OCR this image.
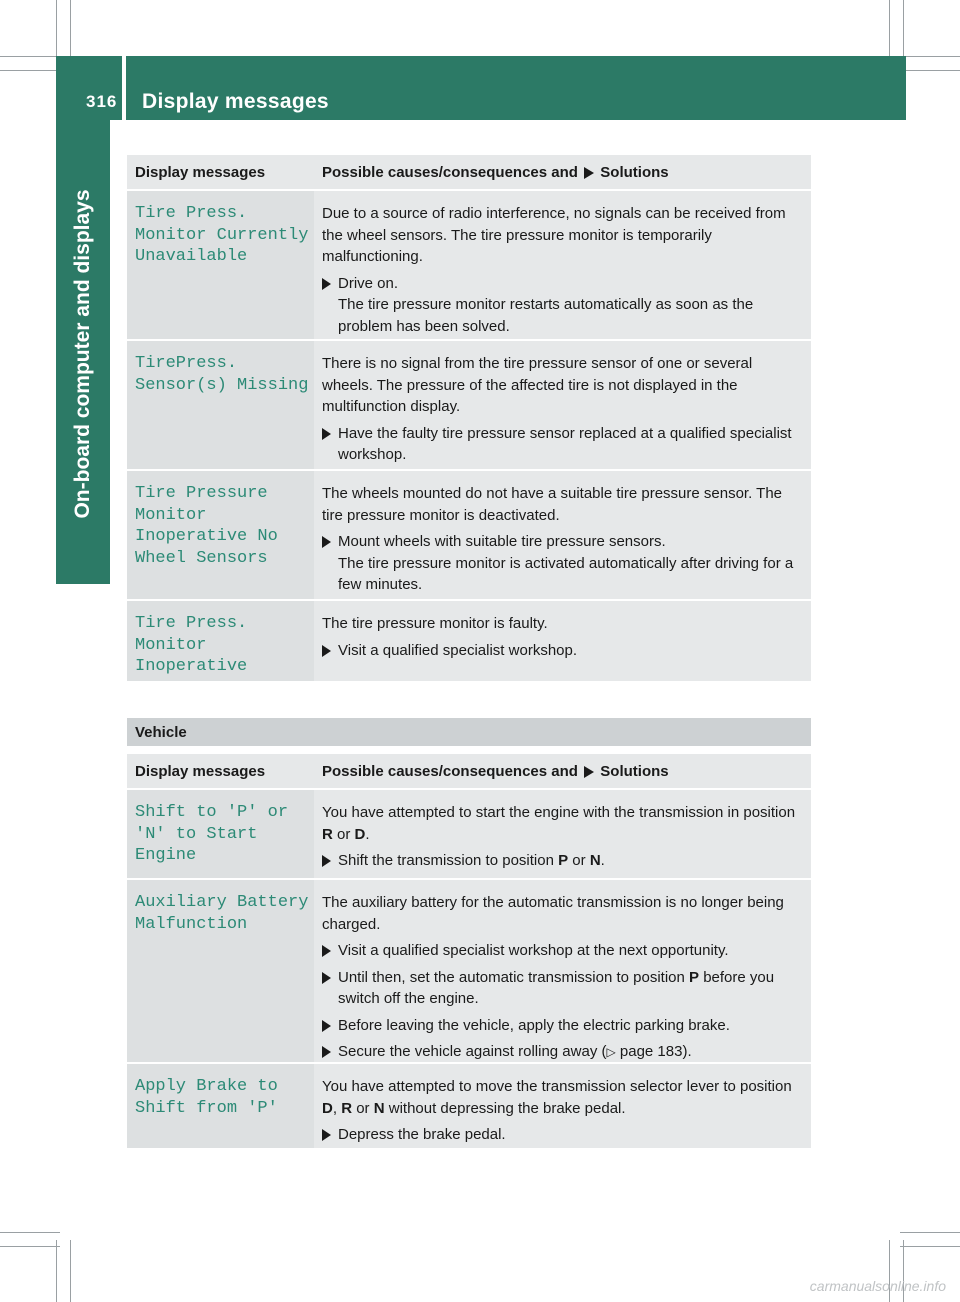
316 Display messages
On-board computer and displays
Display messages	Possible causes/consequences and Solutions
Tire Press.
Monitor Currently
Unavailable

Due to a source of radio interference, no signals can be received from the wheel sensors. The tire pressure monitor is temporarily malfunctioning.

Drive on.
The tire pressure monitor restarts automatically as soon as the problem has been solved.
TirePress.
Sensor(s) Missing

There is no signal from the tire pressure sensor of one or several wheels. The pressure of the affected tire is not displayed in the multifunction display.

Have the faulty tire pressure sensor replaced at a qualified specialist workshop.
Tire Pressure
Monitor
Inoperative No
Wheel Sensors

The wheels mounted do not have a suitable tire pressure sensor. The tire pressure monitor is deactivated.

Mount wheels with suitable tire pressure sensors.
The tire pressure monitor is activated automatically after driving for a few minutes.
Tire Press.
Monitor
Inoperative

The tire pressure monitor is faulty.

Visit a qualified specialist workshop.
Vehicle
Display messages	Possible causes/consequences and Solutions
Shift to 'P' or
'N' to Start Engine

You have attempted to start the engine with the transmission in position R or D.

Shift the transmission to position P or N.
Auxiliary Battery
Malfunction

The auxiliary battery for the automatic transmission is no longer being charged.

Visit a qualified specialist workshop at the next opportunity.
Until then, set the automatic transmission to position P before you switch off the engine.
Before leaving the vehicle, apply the electric parking brake.
Secure the vehicle against rolling away (▷ page 183).
Apply Brake to
Shift from 'P'

You have attempted to move the transmission selector lever to position D, R or N without depressing the brake pedal.

Depress the brake pedal.
carmanualsonline.info
